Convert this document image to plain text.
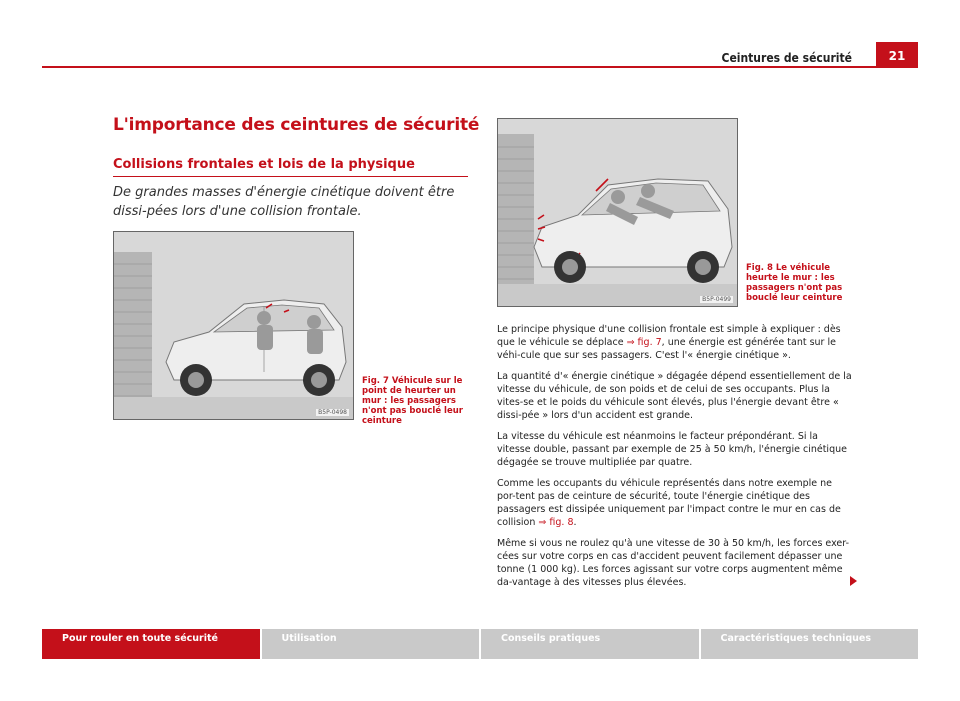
Ceintures de sécurité	21
L'importance des ceintures de sécurité
Collisions frontales et lois de la physique
De grandes masses d'énergie cinétique doivent être dissi-pées lors d'une collision frontale.
B5P-0498
Fig. 7 Véhicule sur le point de heurter un mur : les passagers n'ont pas bouclé leur ceinture
B5P-0499
Fig. 8 Le véhicule heurte le mur : les passagers n'ont pas bouclé leur ceinture

Le principe physique d'une collision frontale est simple à expliquer : dès que le véhicule se déplace ⇒ fig. 7, une énergie est générée tant sur le véhi-cule que sur ses passagers. C'est l'« énergie cinétique ».

La quantité d'« énergie cinétique » dégagée dépend essentiellement de la vitesse du véhicule, de son poids et de celui de ses occupants. Plus la vites-se et le poids du véhicule sont élevés, plus l'énergie devant être « dissi-pée » lors d'un accident est grande.

La vitesse du véhicule est néanmoins le facteur prépondérant. Si la vitesse double, passant par exemple de 25 à 50 km/h, l'énergie cinétique dégagée se trouve multipliée par quatre.

Comme les occupants du véhicule représentés dans notre exemple ne por-tent pas de ceinture de sécurité, toute l'énergie cinétique des passagers est dissipée uniquement par l'impact contre le mur en cas de collision ⇒ fig. 8.

Même si vous ne roulez qu'à une vitesse de 30 à 50 km/h, les forces exer-cées sur votre corps en cas d'accident peuvent facilement dépasser une tonne (1 000 kg). Les forces agissant sur votre corps augmentent même da-vantage à des vitesses plus élevées.

Pour rouler en toute sécurité	Utilisation	Conseils pratiques	Caractéristiques techniques
